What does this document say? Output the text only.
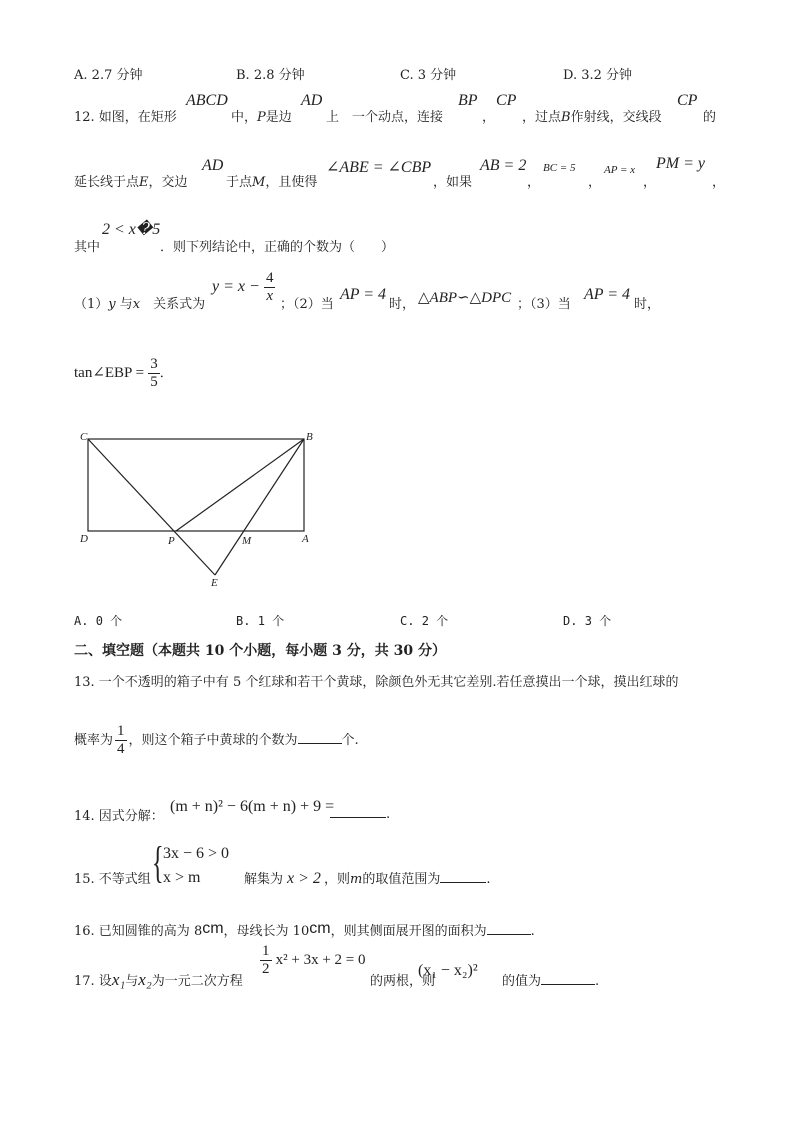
A. 2.7 分钟	B. 2.8 分钟	C. 3 分钟	D. 3.2 分钟
12. 如图，在矩形
ABCD
中，P是边
AD
上　一个动点，连接
BP
，
CP
，过点B作射线，交线段
CP
的
延长线于点E，交边
AD
于点M，且使得
∠ABE = ∠CBP
，如果
AB = 2
，
BC = 5
，
AP = x
，
PM = y
，
其中
2 < x�5
．则下列结论中，正确的个数为（　　）
（1）y 与x　 关系式为
$y = x - \frac{4}{x}$ ；（2）当
AP = 4
时， △ABP∽△DPC ；（3）当
AP = 4
时，
tan∠EBP = $\frac{3}{5}$ ．
C	B
D	P	M	A
E
A. 0 个	B. 1 个	C. 2 个	D. 3 个
二、填空题（本题共 10 个小题，每小题 3 分，共 30 分）
13. 一个不透明的箱子中有 5 个红球和若干个黄球，除颜色外无其它差别.若任意摸出一个球，摸出红球的
概率为 $\frac{1}{4}$ ，则这个箱子中黄球的个数为	个.
14. 因式分解：
(m + n)² − 6(m + n) + 9 =	.
15. 不等式组 { 3x − 6 > 0
x > m	解集为 x > 2 ，则m的取值范围为	.
16. 已知圆锥的高为 8cm，母线长为 10cm，则其侧面展开图的面积为	.
17. 设x₁与x₂为一元二次方程
$\frac{1}{2} x^2 + 3x + 2 = 0$
的两根，则
(x₁ − x₂)²
的值为	.
